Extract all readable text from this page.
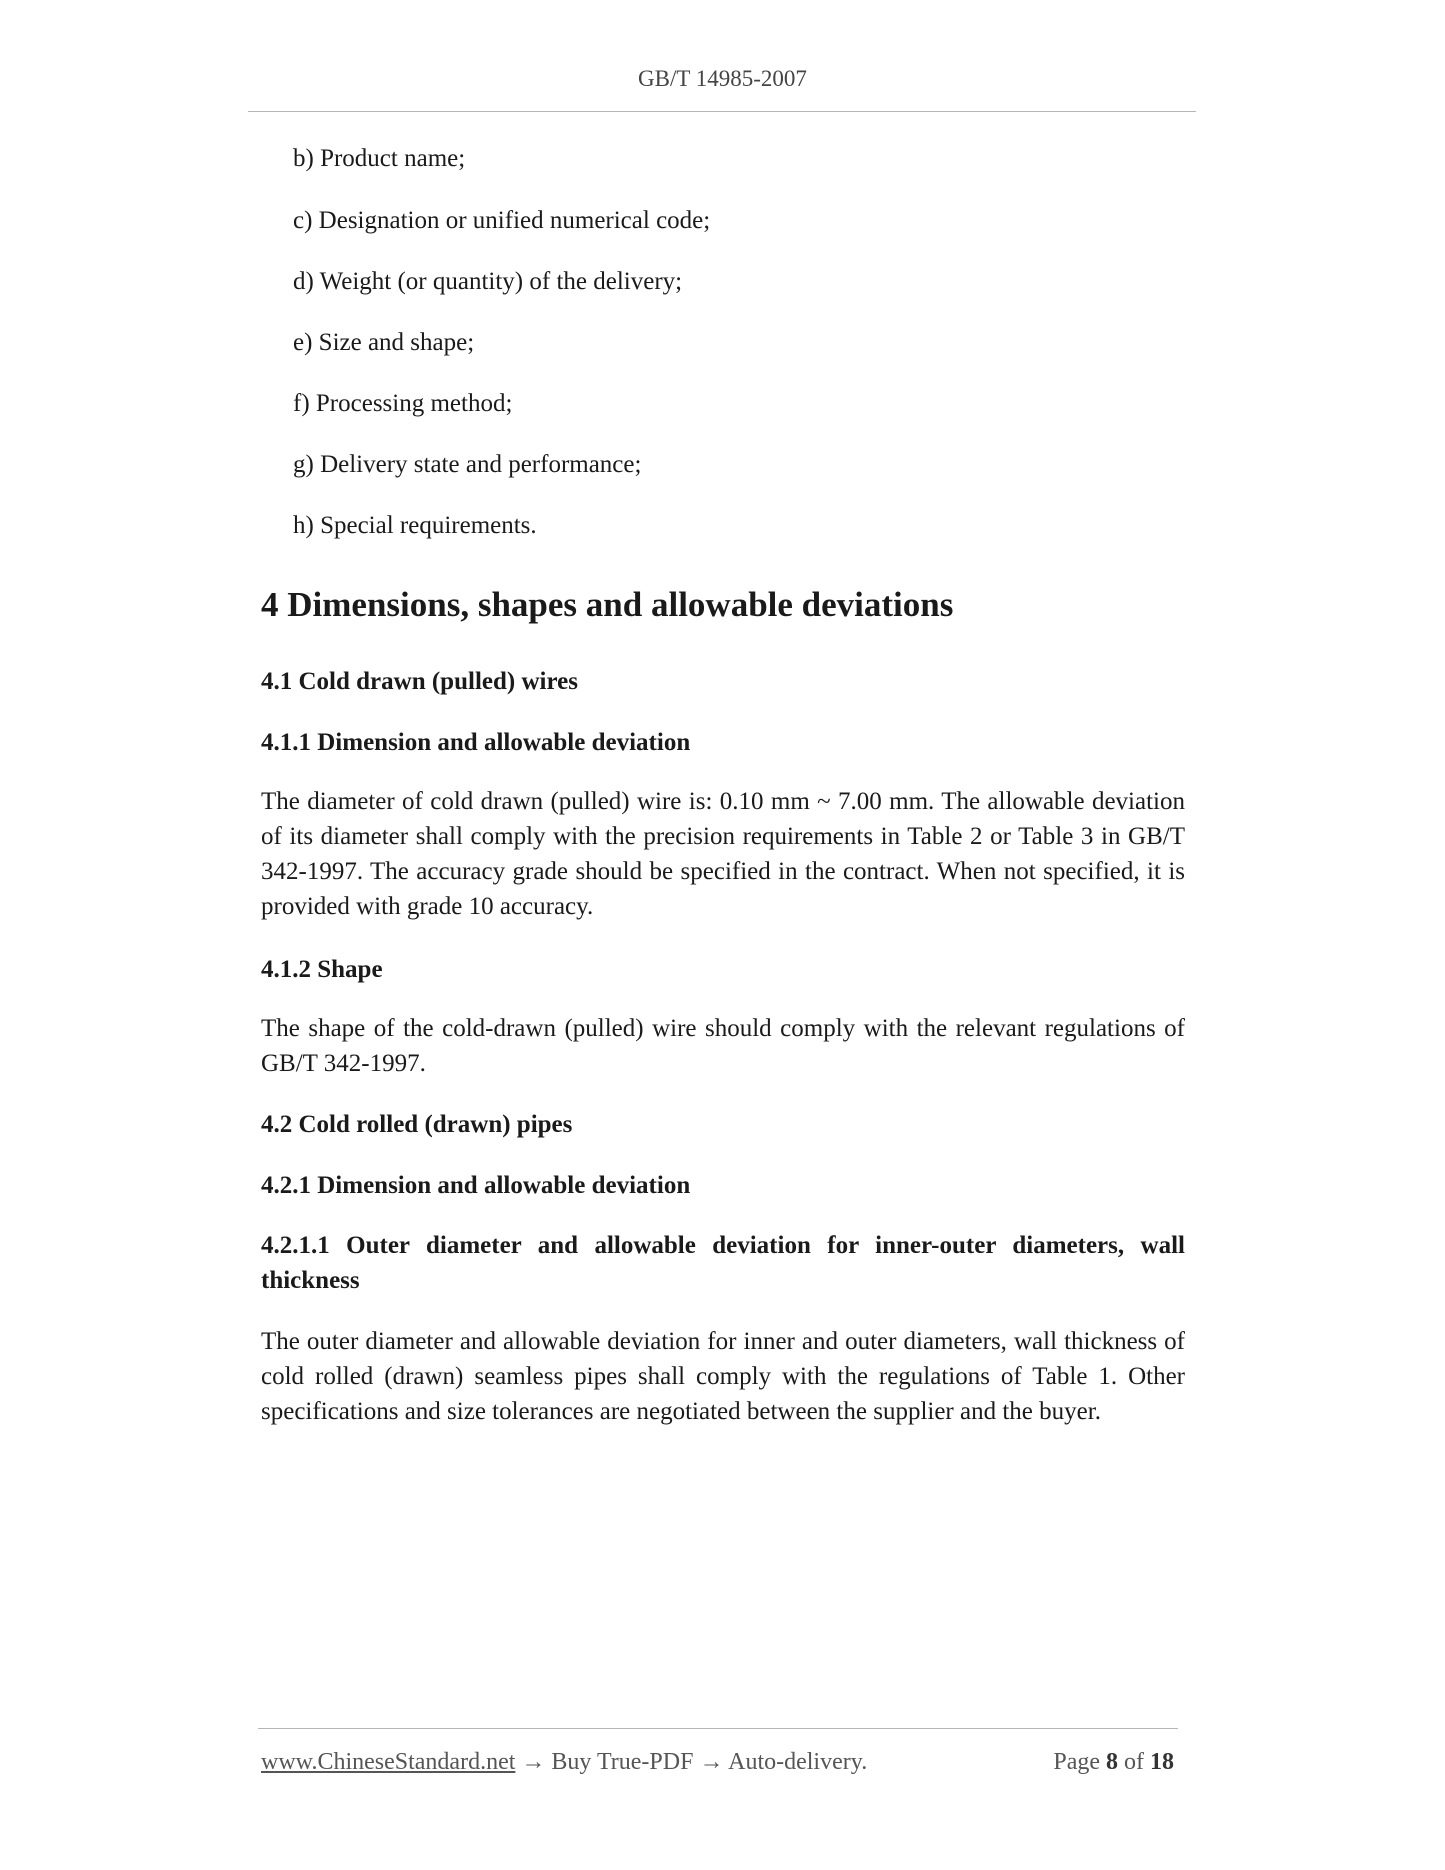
GB/T 14985-2007
b) Product name;
c) Designation or unified numerical code;
d) Weight (or quantity) of the delivery;
e) Size and shape;
f) Processing method;
g) Delivery state and performance;
h) Special requirements.
4 Dimensions, shapes and allowable deviations
4.1 Cold drawn (pulled) wires
4.1.1 Dimension and allowable deviation
The diameter of cold drawn (pulled) wire is: 0.10 mm ~ 7.00 mm. The allowable deviation of its diameter shall comply with the precision requirements in Table 2 or Table 3 in GB/T 342-1997. The accuracy grade should be specified in the contract. When not specified, it is provided with grade 10 accuracy.
4.1.2 Shape
The shape of the cold-drawn (pulled) wire should comply with the relevant regulations of GB/T 342-1997.
4.2 Cold rolled (drawn) pipes
4.2.1 Dimension and allowable deviation
4.2.1.1 Outer diameter and allowable deviation for inner-outer diameters, wall thickness
The outer diameter and allowable deviation for inner and outer diameters, wall thickness of cold rolled (drawn) seamless pipes shall comply with the regulations of Table 1. Other specifications and size tolerances are negotiated between the supplier and the buyer.
www.ChineseStandard.net → Buy True-PDF → Auto-delivery.	Page 8 of 18
